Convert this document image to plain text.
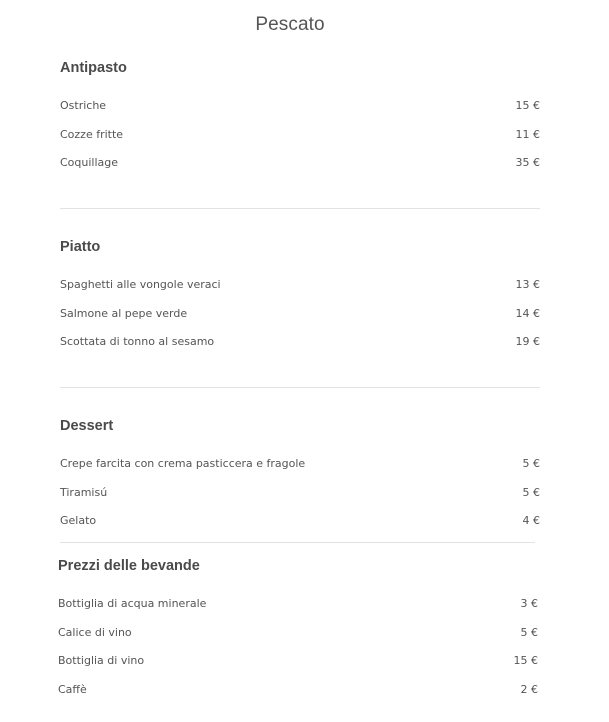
Pescato
Antipasto
Ostriche	15 €
Cozze fritte	11 €
Coquillage	35 €
Piatto
Spaghetti alle vongole veraci	13 €
Salmone al pepe verde	14 €
Scottata di tonno al sesamo	19 €
Dessert
Crepe farcita con crema pasticcera e fragole	5 €
Tiramisú	5 €
Gelato	4 €
Prezzi delle bevande
Bottiglia di acqua minerale	3 €
Calice di vino	5 €
Bottiglia di vino	15 €
Caffè	2 €
